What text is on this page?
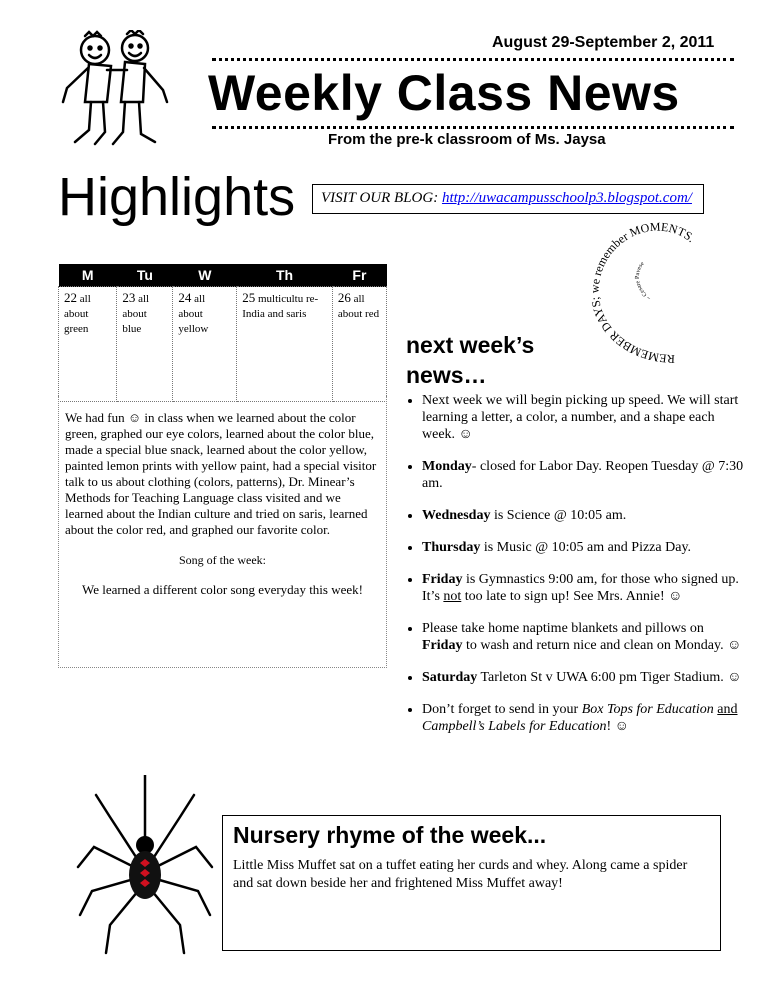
August 29-September 2, 2011
Weekly Class News
From the pre-k classroom of Ms. Jaysa
Highlights	VISIT OUR BLOG: http://uwacampusschoolp3.blogspot.com/
REMEMBER DAYS; we remember MOMENTS.
~ Cesare Pavese
M	Tu	W	Th	Fr
22 all about green	23 all about blue	24 all about yellow	25 multicultu re- India and saris	26 all about red

We had fun ☺ in class when we learned about the color green, graphed our eye colors, learned about the color blue, made a special blue snack, learned about the color yellow, painted lemon prints with yellow paint, had a special visitor talk to us about clothing (colors, patterns), Dr. Minear’s Methods for Teaching Language class visited and we learned about the Indian culture and tried on saris, learned about the color red, and graphed our favorite color.

Song of the week:

We learned a different color song everyday this week!

next week’s
news…
• Next week we will begin picking up speed. We will start learning a letter, a color, a number, and a shape each week. ☺
• Monday- closed for Labor Day. Reopen Tuesday @ 7:30 am.
• Wednesday is Science @ 10:05 am.
• Thursday is Music @ 10:05 am and Pizza Day.
• Friday is Gymnastics 9:00 am, for those who signed up. It’s not too late to sign up! See Mrs. Annie! ☺
• Please take home naptime blankets and pillows on Friday to wash and return nice and clean on Monday. ☺
• Saturday Tarleton St v UWA 6:00 pm Tiger Stadium. ☺
• Don’t forget to send in your Box Tops for Education and Campbell’s Labels for Education! ☺
Nursery rhyme of the week...

Little Miss Muffet sat on a tuffet eating her curds and whey. Along came a spider and sat down beside her and frightened Miss Muffet away!
